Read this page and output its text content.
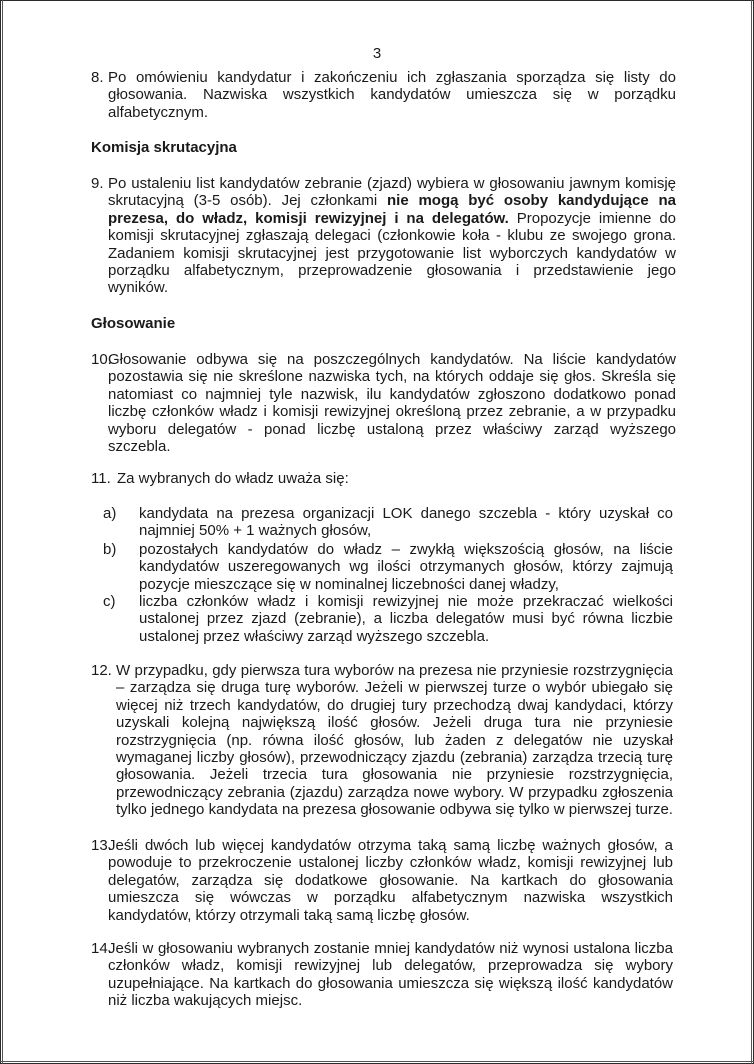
3
8. Po omówieniu kandydatur i zakończeniu ich zgłaszania sporządza się listy do głosowania. Nazwiska wszystkich kandydatów umieszcza się w porządku alfabetycznym.
Komisja skrutacyjna
9. Po ustaleniu list kandydatów zebranie (zjazd) wybiera w głosowaniu jawnym komisję skrutacyjną (3-5 osób). Jej członkami nie mogą być osoby kandydujące na prezesa, do władz, komisji rewizyjnej i na delegatów. Propozycje imienne do komisji skrutacyjnej zgłaszają delegaci (członkowie koła - klubu ze swojego grona. Zadaniem komisji skrutacyjnej jest przygotowanie list wyborczych kandydatów w porządku alfabetycznym, przeprowadzenie głosowania i przedstawienie jego wyników.
Głosowanie
10.
Głosowanie odbywa się na poszczególnych kandydatów. Na liście kandydatów pozostawia się nie skreślone nazwiska tych, na których oddaje się głos. Skreśla się natomiast co najmniej tyle nazwisk, ilu kandydatów zgłoszono dodatkowo ponad liczbę członków władz i komisji rewizyjnej określoną przez zebranie, a w przypadku wyboru delegatów - ponad liczbę ustaloną przez właściwy zarząd wyższego szczebla.
11. Za wybranych do władz uważa się:
a)	kandydata na prezesa organizacji LOK danego szczebla - który uzyskał co najmniej 50% + 1 ważnych głosów,
b)	pozostałych kandydatów do władz – zwykłą większością głosów, na liście kandydatów uszeregowanych wg ilości otrzymanych głosów, którzy zajmują pozycje mieszczące się w nominalnej liczebności danej władzy,
c)	liczba członków władz i komisji rewizyjnej nie może przekraczać wielkości ustalonej przez zjazd (zebranie), a liczba delegatów musi być równa liczbie ustalonej przez właściwy zarząd wyższego szczebla.
12. W przypadku, gdy pierwsza tura wyborów na prezesa nie przyniesie rozstrzygnięcia – zarządza się druga turę wyborów. Jeżeli w pierwszej turze o wybór ubiegało się więcej niż trzech kandydatów, do drugiej tury przechodzą dwaj kandydaci, którzy uzyskali kolejną największą ilość głosów. Jeżeli druga tura nie przyniesie rozstrzygnięcia (np. równa ilość głosów, lub żaden z delegatów nie uzyskał wymaganej liczby głosów), przewodniczący zjazdu (zebrania) zarządza trzecią turę głosowania. Jeżeli trzecia tura głosowania nie przyniesie rozstrzygnięcia, przewodniczący zebrania (zjazdu) zarządza nowe wybory. W przypadku zgłoszenia tylko jednego kandydata na prezesa głosowanie odbywa się tylko w pierwszej turze.
13.
Jeśli dwóch lub więcej kandydatów otrzyma taką samą liczbę ważnych głosów, a powoduje to przekroczenie ustalonej liczby członków władz, komisji rewizyjnej lub delegatów, zarządza się dodatkowe głosowanie. Na kartkach do głosowania umieszcza się wówczas w porządku alfabetycznym nazwiska wszystkich kandydatów, którzy otrzymali taką samą liczbę głosów.
14.
Jeśli w głosowaniu wybranych zostanie mniej kandydatów niż wynosi ustalona liczba członków władz, komisji rewizyjnej lub delegatów, przeprowadza się wybory uzupełniające. Na kartkach do głosowania umieszcza się większą ilość kandydatów niż liczba wakujących miejsc.
